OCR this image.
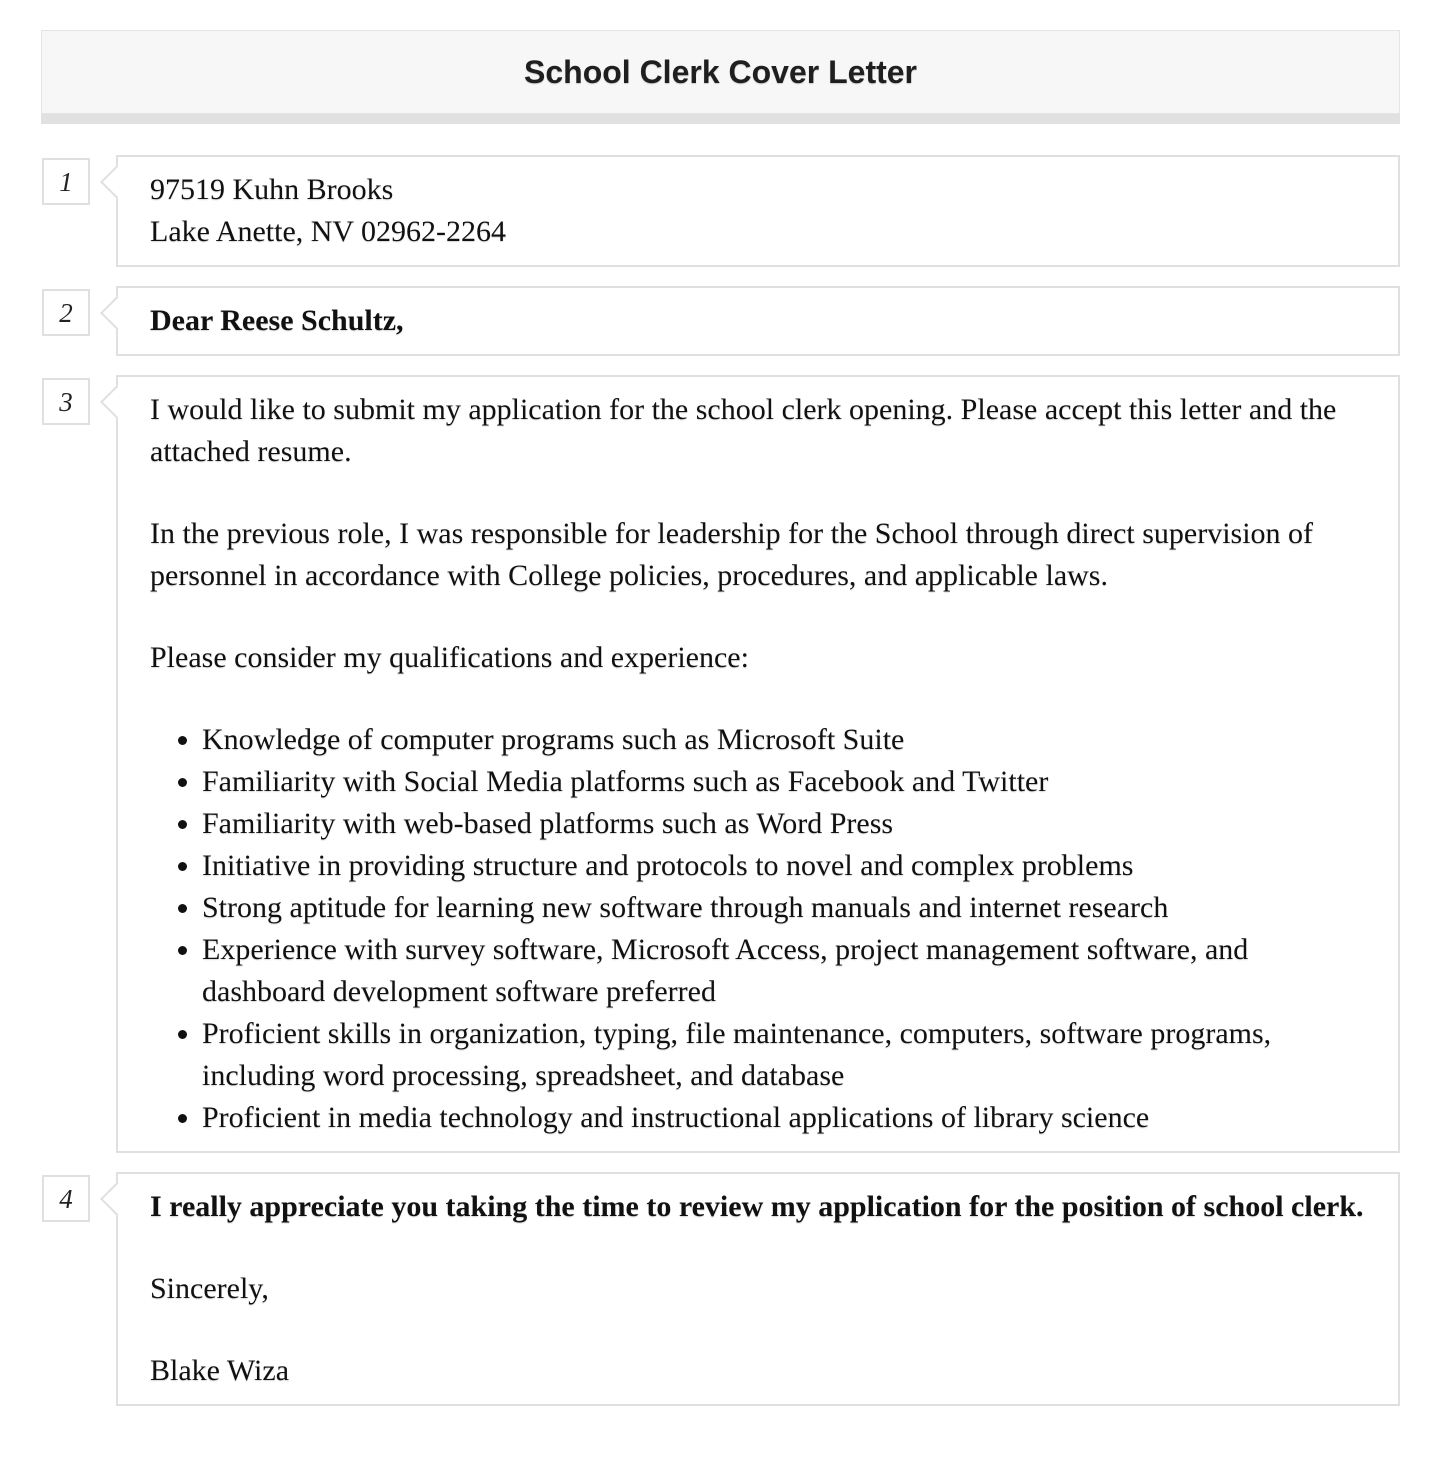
School Clerk Cover Letter
1	97519 Kuhn Brooks

Lake Anette, NV 02962-2264

2	Dear Reese Schultz,

3	I would like to submit my application for the school clerk opening. Please accept this letter and the attached resume.

In the previous role, I was responsible for leadership for the School through direct supervision of personnel in accordance with College policies, procedures, and applicable laws.

Please consider my qualifications and experience:

• Knowledge of computer programs such as Microsoft Suite
• Familiarity with Social Media platforms such as Facebook and Twitter
• Familiarity with web-based platforms such as Word Press
• Initiative in providing structure and protocols to novel and complex problems
• Strong aptitude for learning new software through manuals and internet research
• Experience with survey software, Microsoft Access, project management software, and dashboard development software preferred
• Proficient skills in organization, typing, file maintenance, computers, software programs, including word processing, spreadsheet, and database
• Proficient in media technology and instructional applications of library science
4	I really appreciate you taking the time to review my application for the position of school clerk.

Sincerely,

Blake Wiza
